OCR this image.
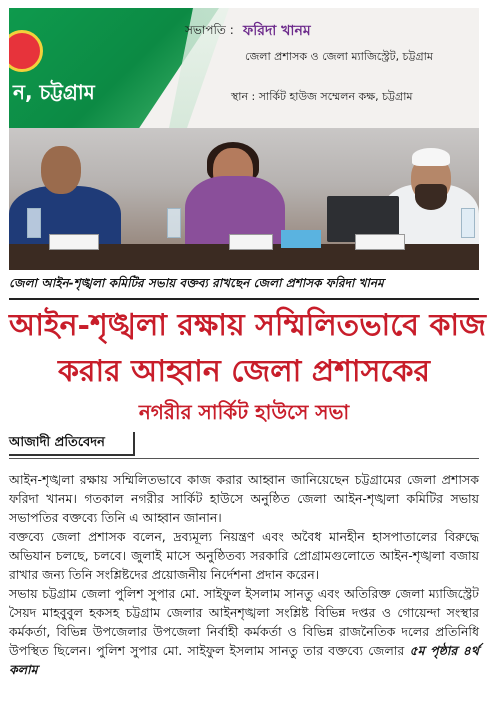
ন, চট্টগ্রাম
সভাপতি : ফরিদা খানম
জেলা প্রশাসক ও জেলা ম্যাজিস্ট্রেট, চট্টগ্রাম
স্থান : সার্কিট হাউজ সম্মেলন কক্ষ, চট্টগ্রাম
জেলা আইন-শৃঙ্খলা কমিটির সভায় বক্তব্য রাখছেন জেলা প্রশাসক ফরিদা খানম
আইন-শৃঙ্খলা রক্ষায় সম্মিলিতভাবে কাজ
করার আহ্বান জেলা প্রশাসকের
নগরীর সার্কিট হাউসে সভা
আজাদী প্রতিবেদন

আইন-শৃঙ্খলা রক্ষায় সম্মিলিতভাবে কাজ করার আহ্বান জানিয়েছেন চট্টগ্রামের জেলা প্রশাসক ফরিদা খানম। গতকাল নগরীর সার্কিট হাউসে অনুষ্ঠিত জেলা আইন-শৃঙ্খলা কমিটির সভায় সভাপতির বক্তব্যে তিনি এ আহ্বান জানান।

বক্তব্যে জেলা প্রশাসক বলেন, দ্রব্যমূল্য নিয়ন্ত্রণ এবং অবৈধ মানহীন হাসপাতালের বিরুদ্ধে অভিযান চলছে, চলবে। জুলাই মাসে অনুষ্ঠিতব্য সরকারি প্রোগ্রামগুলোতে আইন-শৃঙ্খলা বজায় রাখার জন্য তিনি সংশ্লিষ্টদের প্রয়োজনীয় নির্দেশনা প্রদান করেন।

সভায় চট্টগ্রাম জেলা পুলিশ সুপার মো. সাইফুল ইসলাম সানতু এবং অতিরিক্ত জেলা ম্যাজিস্ট্রেট সৈয়দ মাহবুবুল হকসহ চট্টগ্রাম জেলার আইনশৃঙ্খলা সংশ্লিষ্ট বিভিন্ন দপ্তর ও গোয়েন্দা সংস্থার কর্মকর্তা, বিভিন্ন উপজেলার উপজেলা নির্বাহী কর্মকর্তা ও বিভিন্ন রাজনৈতিক দলের প্রতিনিধি উপস্থিত ছিলেন। পুলিশ সুপার মো. সাইফুল ইসলাম সানতু তার বক্তব্যে জেলার ৫ম পৃষ্ঠার ৪র্থ কলাম
